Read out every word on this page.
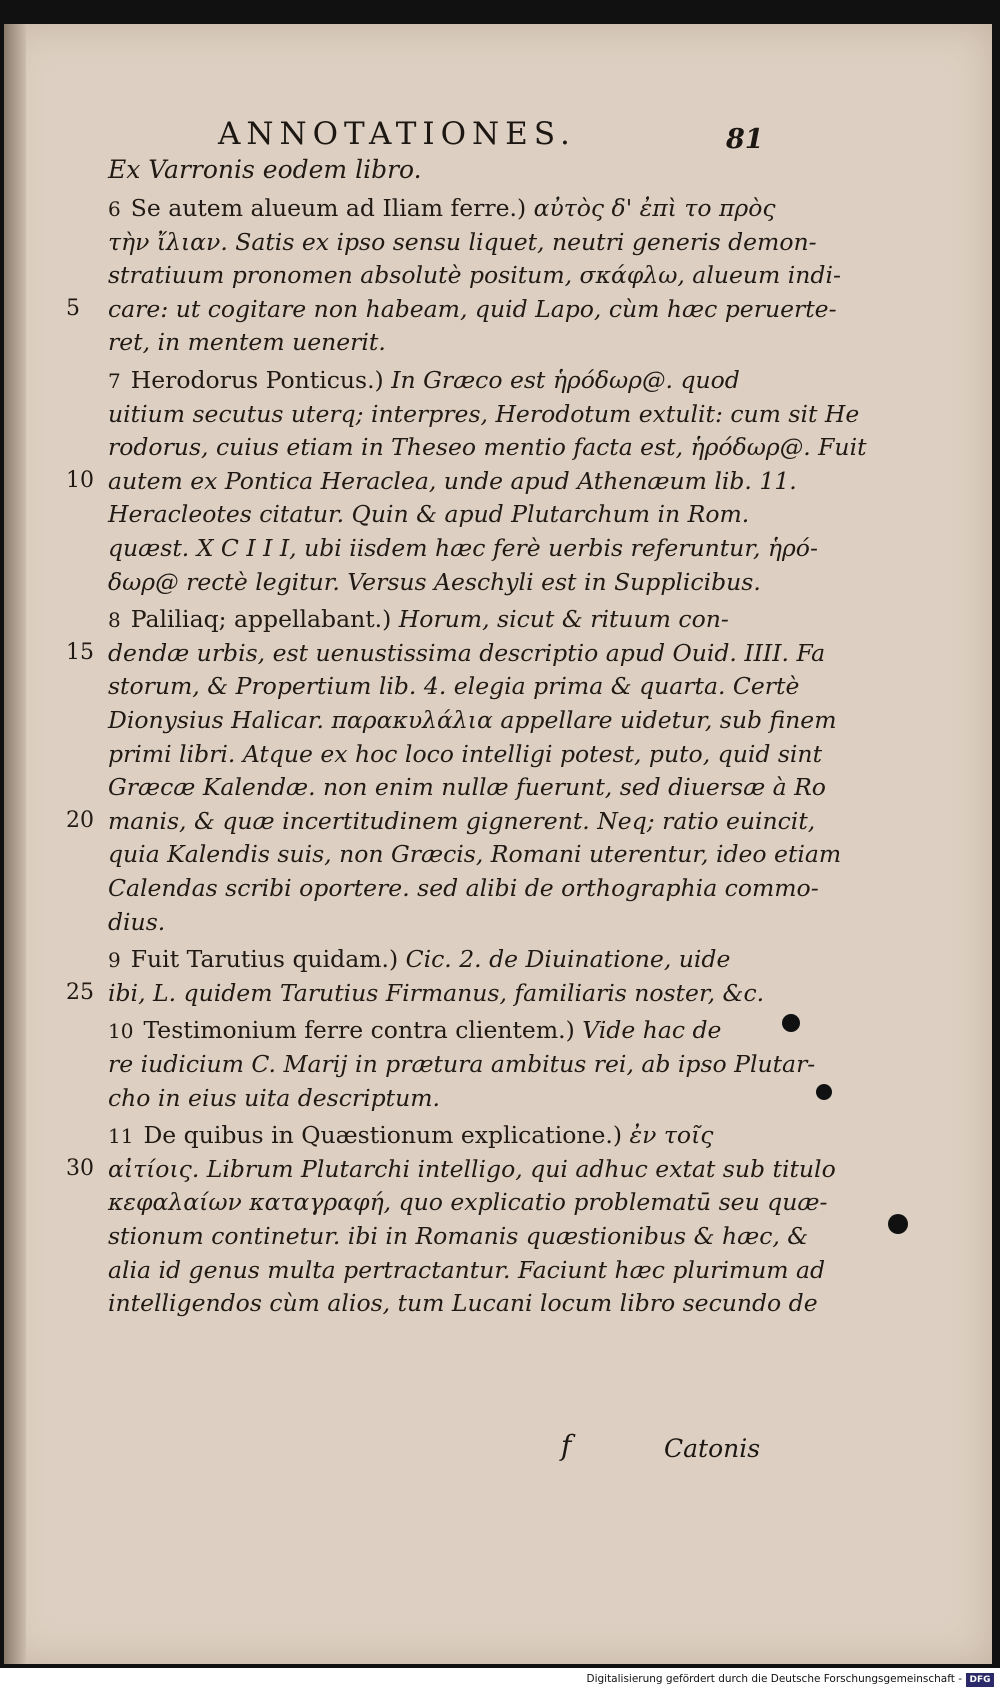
ANNOTATIONES.	81
Ex Varronis eodem libro.
6 Se autem alueum ad Iliam ferre.) αὐτὸς δ' ἐπὶ το πρὸς
τὴν ἴλιαν. Satis ex ipso sensu liquet, neutri generis demon-
stratiuum pronomen absolutè positum, σκάφλω, alueum indi-
care: ut cogitare non habeam, quid Lapo, cùm hæc peruerte-
ret, in mentem uenerit.
7 Herodorus Ponticus.) In Græco est ἡρόδωρ@. quod
uitium secutus uterq; interpres, Herodotum extulit: cum sit He
rodorus, cuius etiam in Theseo mentio facta est, ἡρόδωρ@. Fuit
autem ex Pontica Heraclea, unde apud Athenæum lib. 11.
Heracleotes citatur. Quin & apud Plutarchum in Rom.
quæst. X C I I I, ubi iisdem hæc ferè uerbis referuntur, ἡρό-
δωρ@ rectè legitur. Versus Aeschyli est in Supplicibus.
8 Paliliaq; appellabant.) Horum, sicut & rituum con-
dendæ urbis, est uenustissima descriptio apud Ouid. IIII. Fa
storum, & Propertium lib. 4. elegia prima & quarta. Certè
Dionysius Halicar. παρακυλάλια appellare uidetur, sub finem
primi libri. Atque ex hoc loco intelligi potest, puto, quid sint
Græcæ Kalendæ. non enim nullæ fuerunt, sed diuersæ à Ro
manis, & quæ incertitudinem gignerent. Neq; ratio euincit,
quia Kalendis suis, non Græcis, Romani uterentur, ideo etiam
Calendas scribi oportere. sed alibi de orthographia commo-
dius.
9 Fuit Tarutius quidam.) Cic. 2. de Diuinatione, uide
ibi, L. quidem Tarutius Firmanus, familiaris noster, &c.
10 Testimonium ferre contra clientem.) Vide hac de
re iudicium C. Marij in prætura ambitus rei, ab ipso Plutar-
cho in eius uita descriptum.
11 De quibus in Quæstionum explicatione.) ἐν τοῖς
αἰτίοις. Librum Plutarchi intelligo, qui adhuc extat sub titulo
κεφαλαίων καταγραφή, quo explicatio problematū seu quæ-
stionum continetur. ibi in Romanis quæstionibus & hæc, &
alia id genus multa pertractantur. Faciunt hæc plurimum ad
intelligendos cùm alios, tum Lucani locum libro secundo de
5
10
15
20
25
30
f	Catonis
Digitalisierung gefördert durch die Deutsche Forschungsgemeinschaft - DFG
